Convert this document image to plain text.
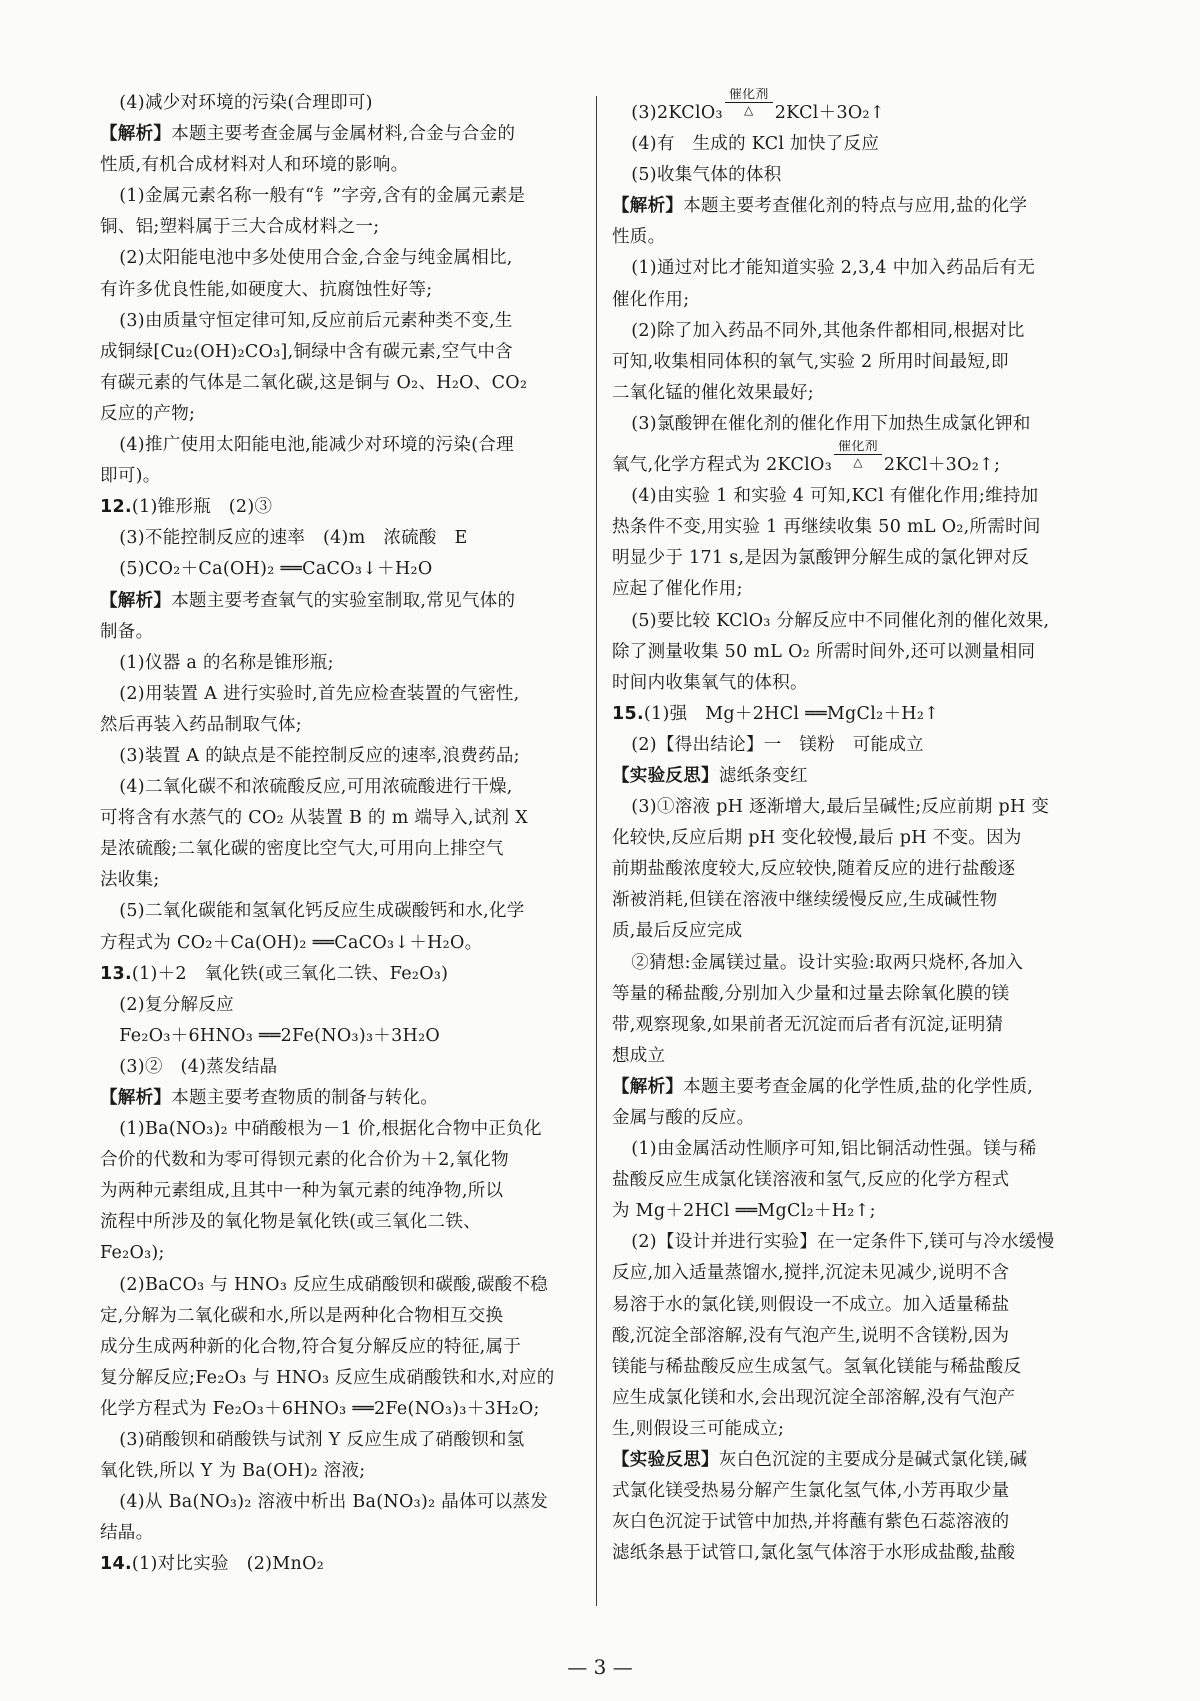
(4)减少对环境的污染(合理即可)
【解析】本题主要考查金属与金属材料,合金与合金的
性质,有机合成材料对人和环境的影响。
(1)金属元素名称一般有“钅”字旁,含有的金属元素是
铜、铝;塑料属于三大合成材料之一;
(2)太阳能电池中多处使用合金,合金与纯金属相比,
有许多优良性能,如硬度大、抗腐蚀性好等;
(3)由质量守恒定律可知,反应前后元素种类不变,生
成铜绿[Cu₂(OH)₂CO₃],铜绿中含有碳元素,空气中含
有碳元素的气体是二氧化碳,这是铜与 O₂、H₂O、CO₂
反应的产物;
(4)推广使用太阳能电池,能减少对环境的污染(合理
即可)。
12.(1)锥形瓶　(2)③
(3)不能控制反应的速率　(4)m　浓硫酸　E
(5)CO₂＋Ca(OH)₂ ══CaCO₃↓＋H₂O
【解析】本题主要考查氧气的实验室制取,常见气体的
制备。
(1)仪器 a 的名称是锥形瓶;
(2)用装置 A 进行实验时,首先应检查装置的气密性,
然后再装入药品制取气体;
(3)装置 A 的缺点是不能控制反应的速率,浪费药品;
(4)二氧化碳不和浓硫酸反应,可用浓硫酸进行干燥,
可将含有水蒸气的 CO₂ 从装置 B 的 m 端导入,试剂 X
是浓硫酸;二氧化碳的密度比空气大,可用向上排空气
法收集;
(5)二氧化碳能和氢氧化钙反应生成碳酸钙和水,化学
方程式为 CO₂＋Ca(OH)₂ ══CaCO₃↓＋H₂O。
13.(1)＋2　氧化铁(或三氧化二铁、Fe₂O₃)
(2)复分解反应
Fe₂O₃＋6HNO₃ ══2Fe(NO₃)₃＋3H₂O
(3)②　(4)蒸发结晶
【解析】本题主要考查物质的制备与转化。
(1)Ba(NO₃)₂ 中硝酸根为－1 价,根据化合物中正负化
合价的代数和为零可得钡元素的化合价为＋2,氧化物
为两种元素组成,且其中一种为氧元素的纯净物,所以
流程中所涉及的氧化物是氧化铁(或三氧化二铁、
Fe₂O₃);
(2)BaCO₃ 与 HNO₃ 反应生成硝酸钡和碳酸,碳酸不稳
定,分解为二氧化碳和水,所以是两种化合物相互交换
成分生成两种新的化合物,符合复分解反应的特征,属于
复分解反应;Fe₂O₃ 与 HNO₃ 反应生成硝酸铁和水,对应的
化学方程式为 Fe₂O₃＋6HNO₃ ══2Fe(NO₃)₃＋3H₂O;
(3)硝酸钡和硝酸铁与试剂 Y 反应生成了硝酸钡和氢
氧化铁,所以 Y 为 Ba(OH)₂ 溶液;
(4)从 Ba(NO₃)₂ 溶液中析出 Ba(NO₃)₂ 晶体可以蒸发
结晶。
14.(1)对比实验　(2)MnO₂
(3)2KClO₃
催化剂
△	2KCl＋3O₂↑
(4)有　生成的 KCl 加快了反应
(5)收集气体的体积
【解析】本题主要考查催化剂的特点与应用,盐的化学
性质。
(1)通过对比才能知道实验 2,3,4 中加入药品后有无
催化作用;
(2)除了加入药品不同外,其他条件都相同,根据对比
可知,收集相同体积的氧气,实验 2 所用时间最短,即
二氧化锰的催化效果最好;
(3)氯酸钾在催化剂的催化作用下加热生成氯化钾和
氧气,化学方程式为 2KClO₃
催化剂
△	2KCl＋3O₂↑;
(4)由实验 1 和实验 4 可知,KCl 有催化作用;维持加
热条件不变,用实验 1 再继续收集 50 mL O₂,所需时间
明显少于 171 s,是因为氯酸钾分解生成的氯化钾对反
应起了催化作用;
(5)要比较 KClO₃ 分解反应中不同催化剂的催化效果,
除了测量收集 50 mL O₂ 所需时间外,还可以测量相同
时间内收集氧气的体积。
15.(1)强　Mg＋2HCl ══MgCl₂＋H₂↑
(2)【得出结论】一　镁粉　可能成立
【实验反思】滤纸条变红
(3)①溶液 pH 逐渐增大,最后呈碱性;反应前期 pH 变
化较快,反应后期 pH 变化较慢,最后 pH 不变。因为
前期盐酸浓度较大,反应较快,随着反应的进行盐酸逐
渐被消耗,但镁在溶液中继续缓慢反应,生成碱性物
质,最后反应完成
②猜想:金属镁过量。设计实验:取两只烧杯,各加入
等量的稀盐酸,分别加入少量和过量去除氧化膜的镁
带,观察现象,如果前者无沉淀而后者有沉淀,证明猜
想成立
【解析】本题主要考查金属的化学性质,盐的化学性质,
金属与酸的反应。
(1)由金属活动性顺序可知,铝比铜活动性强。镁与稀
盐酸反应生成氯化镁溶液和氢气,反应的化学方程式
为 Mg＋2HCl ══MgCl₂＋H₂↑;
(2)【设计并进行实验】在一定条件下,镁可与冷水缓慢
反应,加入适量蒸馏水,搅拌,沉淀未见减少,说明不含
易溶于水的氯化镁,则假设一不成立。加入适量稀盐
酸,沉淀全部溶解,没有气泡产生,说明不含镁粉,因为
镁能与稀盐酸反应生成氢气。氢氧化镁能与稀盐酸反
应生成氯化镁和水,会出现沉淀全部溶解,没有气泡产
生,则假设三可能成立;
【实验反思】灰白色沉淀的主要成分是碱式氯化镁,碱
式氯化镁受热易分解产生氯化氢气体,小芳再取少量
灰白色沉淀于试管中加热,并将蘸有紫色石蕊溶液的
滤纸条悬于试管口,氯化氢气体溶于水形成盐酸,盐酸
— 3 —
